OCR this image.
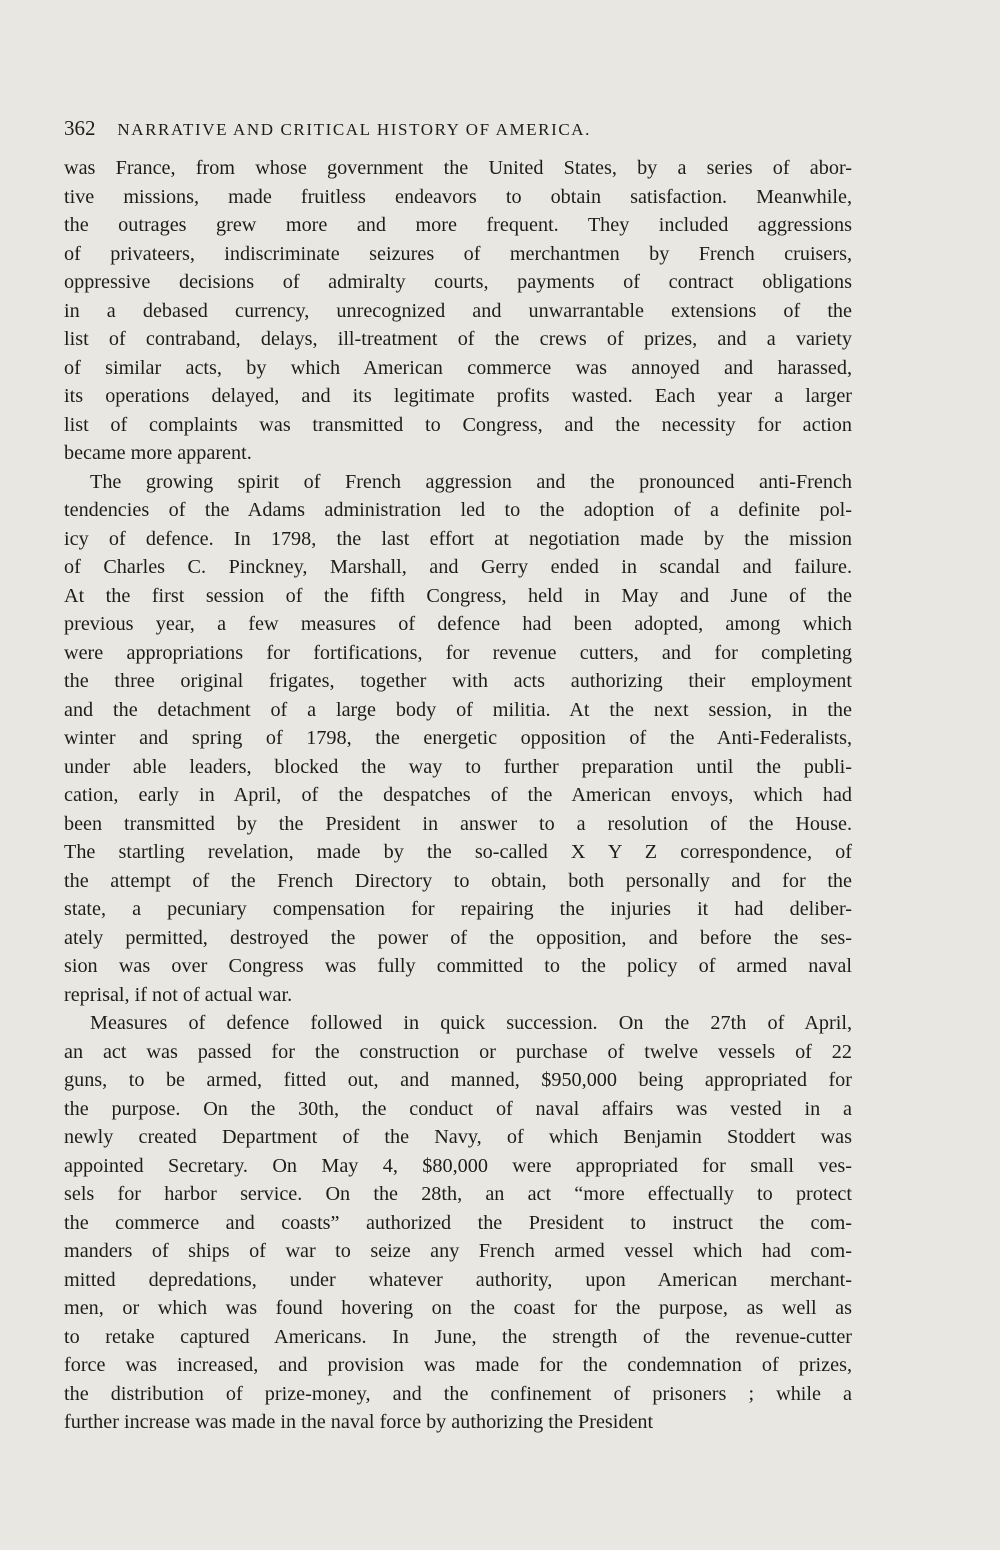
362 NARRATIVE AND CRITICAL HISTORY OF AMERICA.
was France, from whose government the United States, by a series of abor-
tive missions, made fruitless endeavors to obtain satisfaction. Meanwhile,
the outrages grew more and more frequent. They included aggressions
of privateers, indiscriminate seizures of merchantmen by French cruisers,
oppressive decisions of admiralty courts, payments of contract obligations
in a debased currency, unrecognized and unwarrantable extensions of the
list of contraband, delays, ill-treatment of the crews of prizes, and a variety
of similar acts, by which American commerce was annoyed and harassed,
its operations delayed, and its legitimate profits wasted. Each year a larger
list of complaints was transmitted to Congress, and the necessity for action
became more apparent.
The growing spirit of French aggression and the pronounced anti-French
tendencies of the Adams administration led to the adoption of a definite pol-
icy of defence. In 1798, the last effort at negotiation made by the mission
of Charles C. Pinckney, Marshall, and Gerry ended in scandal and failure.
At the first session of the fifth Congress, held in May and June of the
previous year, a few measures of defence had been adopted, among which
were appropriations for fortifications, for revenue cutters, and for completing
the three original frigates, together with acts authorizing their employment
and the detachment of a large body of militia. At the next session, in the
winter and spring of 1798, the energetic opposition of the Anti-Federalists,
under able leaders, blocked the way to further preparation until the publi-
cation, early in April, of the despatches of the American envoys, which had
been transmitted by the President in answer to a resolution of the House.
The startling revelation, made by the so-called X Y Z correspondence, of
the attempt of the French Directory to obtain, both personally and for the
state, a pecuniary compensation for repairing the injuries it had deliber-
ately permitted, destroyed the power of the opposition, and before the ses-
sion was over Congress was fully committed to the policy of armed naval
reprisal, if not of actual war.
Measures of defence followed in quick succession. On the 27th of April,
an act was passed for the construction or purchase of twelve vessels of 22
guns, to be armed, fitted out, and manned, $950,000 being appropriated for
the purpose. On the 30th, the conduct of naval affairs was vested in a
newly created Department of the Navy, of which Benjamin Stoddert was
appointed Secretary. On May 4, $80,000 were appropriated for small ves-
sels for harbor service. On the 28th, an act “more effectually to protect
the commerce and coasts” authorized the President to instruct the com-
manders of ships of war to seize any French armed vessel which had com-
mitted depredations, under whatever authority, upon American merchant-
men, or which was found hovering on the coast for the purpose, as well as
to retake captured Americans. In June, the strength of the revenue-cutter
force was increased, and provision was made for the condemnation of prizes,
the distribution of prize-money, and the confinement of prisoners ; while a
further increase was made in the naval force by authorizing the President
